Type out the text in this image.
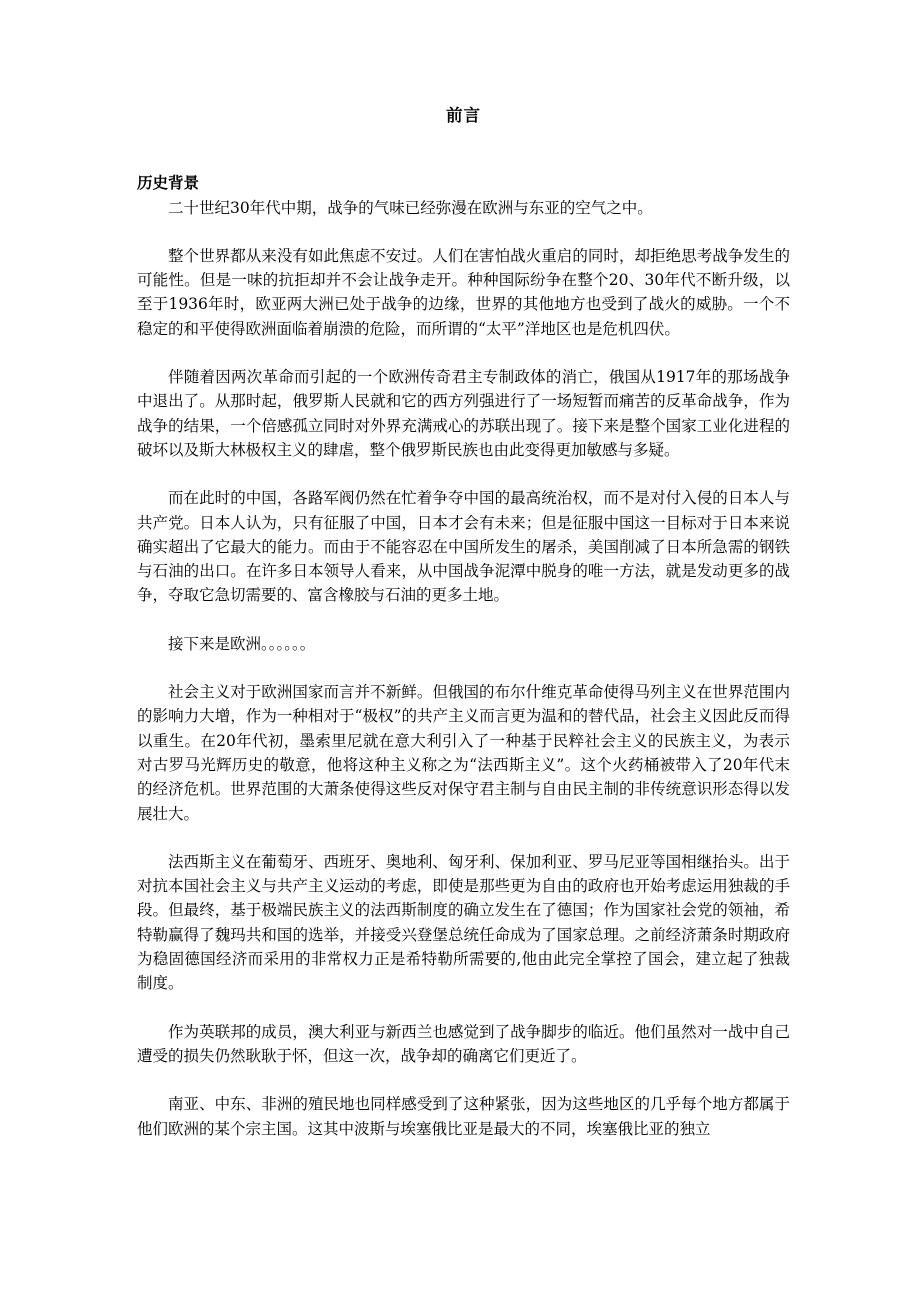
前言
历史背景

二十世纪30年代中期，战争的气味已经弥漫在欧洲与东亚的空气之中。

整个世界都从来没有如此焦虑不安过。人们在害怕战火重启的同时，却拒绝思考战争发生的可能性。但是一味的抗拒却并不会让战争走开。种种国际纷争在整个20、30年代不断升级，以至于1936年时，欧亚两大洲已处于战争的边缘，世界的其他地方也受到了战火的威胁。一个不稳定的和平使得欧洲面临着崩溃的危险，而所谓的“太平”洋地区也是危机四伏。

伴随着因两次革命而引起的一个欧洲传奇君主专制政体的消亡，俄国从1917年的那场战争中退出了。从那时起，俄罗斯人民就和它的西方列强进行了一场短暂而痛苦的反革命战争，作为战争的结果，一个倍感孤立同时对外界充满戒心的苏联出现了。接下来是整个国家工业化进程的破坏以及斯大林极权主义的肆虐，整个俄罗斯民族也由此变得更加敏感与多疑。

而在此时的中国，各路军阀仍然在忙着争夺中国的最高统治权，而不是对付入侵的日本人与共产党。日本人认为，只有征服了中国，日本才会有未来；但是征服中国这一目标对于日本来说确实超出了它最大的能力。而由于不能容忍在中国所发生的屠杀，美国削减了日本所急需的钢铁与石油的出口。在许多日本领导人看来，从中国战争泥潭中脱身的唯一方法，就是发动更多的战争，夺取它急切需要的、富含橡胶与石油的更多土地。

接下来是欧洲。。。。。。

社会主义对于欧洲国家而言并不新鲜。但俄国的布尔什维克革命使得马列主义在世界范围内的影响力大增，作为一种相对于“极权”的共产主义而言更为温和的替代品，社会主义因此反而得以重生。在20年代初，墨索里尼就在意大利引入了一种基于民粹社会主义的民族主义，为表示对古罗马光辉历史的敬意，他将这种主义称之为“法西斯主义”。这个火药桶被带入了20年代末的经济危机。世界范围的大萧条使得这些反对保守君主制与自由民主制的非传统意识形态得以发展壮大。

法西斯主义在葡萄牙、西班牙、奥地利、匈牙利、保加利亚、罗马尼亚等国相继抬头。出于对抗本国社会主义与共产主义运动的考虑，即使是那些更为自由的政府也开始考虑运用独裁的手段。但最终，基于极端民族主义的法西斯制度的确立发生在了德国；作为国家社会党的领袖，希特勒赢得了魏玛共和国的选举，并接受兴登堡总统任命成为了国家总理。之前经济萧条时期政府为稳固德国经济而采用的非常权力正是希特勒所需要的,他由此完全掌控了国会，建立起了独裁制度。

作为英联邦的成员，澳大利亚与新西兰也感觉到了战争脚步的临近。他们虽然对一战中自己遭受的损失仍然耿耿于怀，但这一次，战争却的确离它们更近了。

南亚、中东、非洲的殖民地也同样感受到了这种紧张，因为这些地区的几乎每个地方都属于他们欧洲的某个宗主国。这其中波斯与埃塞俄比亚是最大的不同，埃塞俄比亚的独立
